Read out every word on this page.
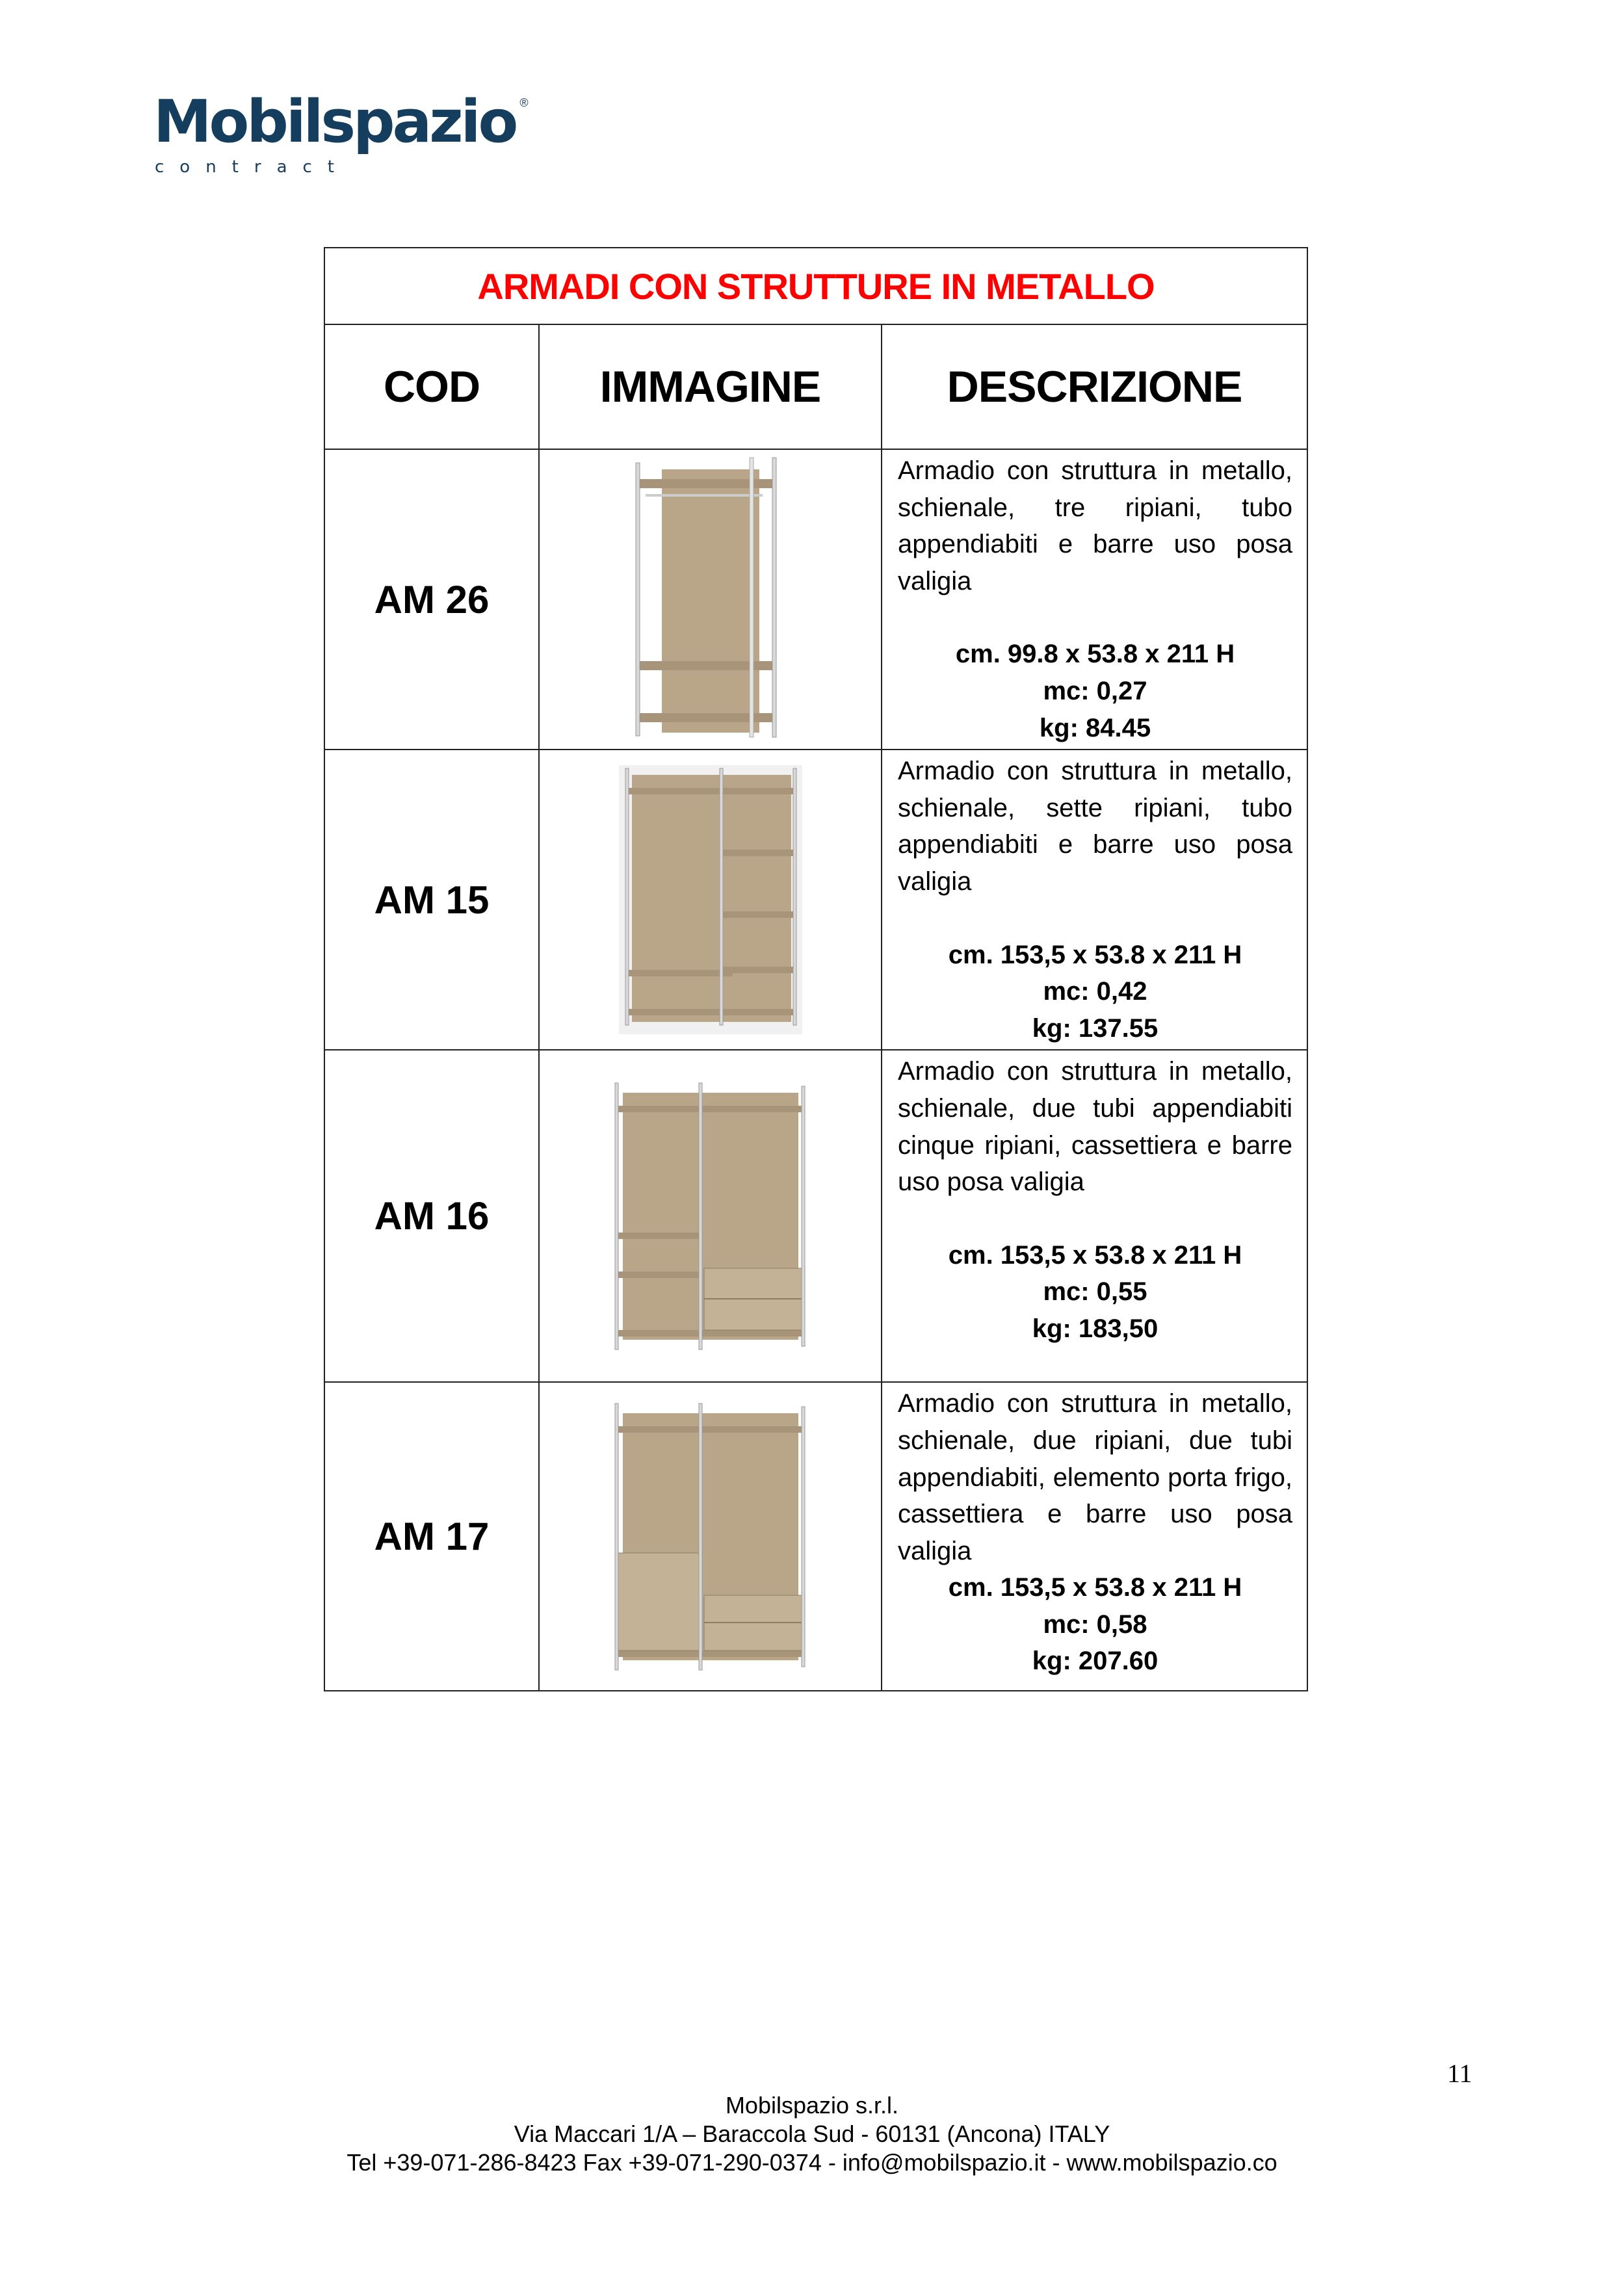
Mobilspazio ®
contract
ARMADI CON STRUTTURE IN METALLO		
COD	IMMAGINE	DESCRIZIONE
AM 26		Armadio con struttura in metallo, schienale, tre ripiani, tubo appendiabiti e barre uso posa valigia
cm. 99.8 x 53.8 x 211 H
mc: 0,27
kg: 84.45

AM 15		Armadio con struttura in metallo, schienale, sette ripiani, tubo appendiabiti e barre uso posa valigia
cm. 153,5 x 53.8 x 211 H
mc: 0,42
kg: 137.55

AM 16		Armadio con struttura in metallo, schienale, due tubi appendiabiti cinque ripiani, cassettiera e barre uso posa valigia
cm. 153,5 x 53.8 x 211 H
mc: 0,55
kg: 183,50

AM 17		Armadio con struttura in metallo, schienale, due ripiani, due tubi appendiabiti, elemento porta frigo, cassettiera e barre uso posa valigia
cm. 153,5 x 53.8 x 211 H
mc: 0,58
kg: 207.60
11
Mobilspazio s.r.l.
Via Maccari 1/A – Baraccola Sud - 60131 (Ancona) ITALY
Tel +39-071-286-8423 Fax +39-071-290-0374 - info@mobilspazio.it - www.mobilspazio.co
